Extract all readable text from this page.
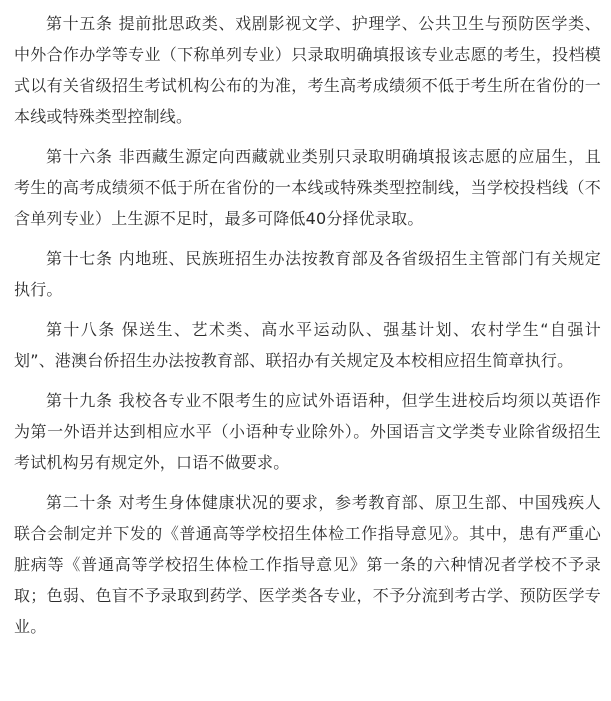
第十五条 提前批思政类、戏剧影视文学、护理学、公共卫生与预防医学类、中外合作办学等专业（下称单列专业）只录取明确填报该专业志愿的考生，投档模式以有关省级招生考试机构公布的为准，考生高考成绩须不低于考生所在省份的一本线或特殊类型控制线。

第十六条 非西藏生源定向西藏就业类别只录取明确填报该志愿的应届生，且考生的高考成绩须不低于所在省份的一本线或特殊类型控制线，当学校投档线（不含单列专业）上生源不足时，最多可降低40分择优录取。

第十七条 内地班、民族班招生办法按教育部及各省级招生主管部门有关规定执行。

第十八条 保送生、艺术类、高水平运动队、强基计划、农村学生“自强计划”、港澳台侨招生办法按教育部、联招办有关规定及本校相应招生简章执行。

第十九条 我校各专业不限考生的应试外语语种，但学生进校后均须以英语作为第一外语并达到相应水平（小语种专业除外）。外国语言文学类专业除省级招生考试机构另有规定外，口语不做要求。

第二十条 对考生身体健康状况的要求，参考教育部、原卫生部、中国残疾人联合会制定并下发的《普通高等学校招生体检工作指导意见》。其中，患有严重心脏病等《普通高等学校招生体检工作指导意见》第一条的六种情况者学校不予录取；色弱、色盲不予录取到药学、医学类各专业，不予分流到考古学、预防医学专业。
